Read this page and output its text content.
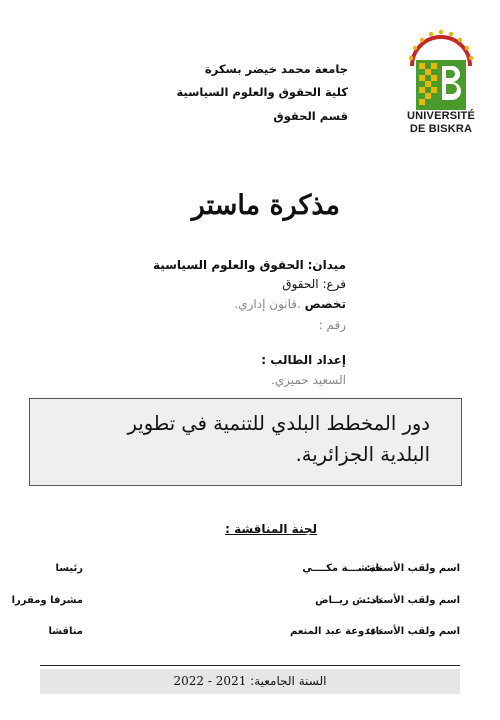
UNIVERSITÉ
DE BISKRA
جامعة محمد خيضر بسكرة
كلية الحقوق والعلوم السياسية
قسم الحقوق
مذكرة ماستر
ميدان: الحقوق والعلوم السياسية
فرع: الحقوق
تخصص .قانون إداري.
رقم :
إعداد الطالب :
السعيد حميزي.
دور المخطط البلدي للتنمية في تطوير البلدية الجزائرية.
لجنة المناقشة :
اسم ولقب الأستاذ:
حمشـــة مكــــي
رئيسا
اسم ولقب الأستاذ:
دنــش ريــاض
مشرفا ومقررا
اسم ولقب الأستاذ:
دعدوعة عبد المنعم
مناقشا
السنة الجامعية: 2021 - 2022
